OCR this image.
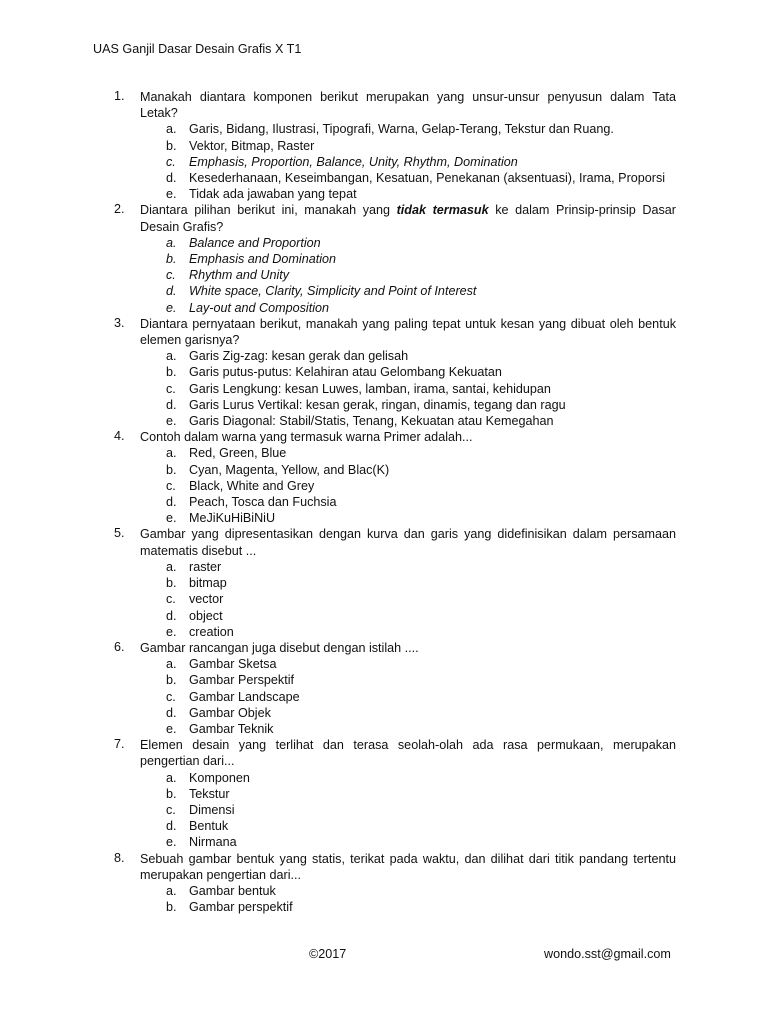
UAS Ganjil Dasar Desain Grafis X T1
1. Manakah diantara komponen berikut merupakan yang unsur-unsur penyusun dalam Tata Letak?
a. Garis, Bidang, Ilustrasi, Tipografi, Warna, Gelap-Terang, Tekstur dan Ruang.
b. Vektor, Bitmap, Raster
c. Emphasis, Proportion, Balance, Unity, Rhythm, Domination
d. Kesederhanaan, Keseimbangan, Kesatuan, Penekanan (aksentuasi), Irama, Proporsi
e. Tidak ada jawaban yang tepat
2. Diantara pilihan berikut ini, manakah yang tidak termasuk ke dalam Prinsip-prinsip Dasar Desain Grafis?
a. Balance and Proportion
b. Emphasis and Domination
c. Rhythm and Unity
d. White space, Clarity, Simplicity and Point of Interest
e. Lay-out and Composition
3. Diantara pernyataan berikut, manakah yang paling tepat untuk kesan yang dibuat oleh bentuk elemen garisnya?
a. Garis Zig-zag: kesan gerak dan gelisah
b. Garis putus-putus: Kelahiran atau Gelombang Kekuatan
c. Garis Lengkung: kesan Luwes, lamban, irama, santai, kehidupan
d. Garis Lurus Vertikal: kesan gerak, ringan, dinamis, tegang dan ragu
e. Garis Diagonal: Stabil/Statis, Tenang, Kekuatan atau Kemegahan
4. Contoh dalam warna yang termasuk warna Primer adalah...
a. Red, Green, Blue
b. Cyan, Magenta, Yellow, and Blac(K)
c. Black, White and Grey
d. Peach, Tosca dan Fuchsia
e. MeJiKuHiBiNiU
5. Gambar yang dipresentasikan dengan kurva dan garis yang didefinisikan dalam persamaan matematis disebut ...
a. raster
b. bitmap
c. vector
d. object
e. creation
6. Gambar rancangan juga disebut dengan istilah ....
a. Gambar Sketsa
b. Gambar Perspektif
c. Gambar Landscape
d. Gambar Objek
e. Gambar Teknik
7. Elemen desain yang terlihat dan terasa seolah-olah ada rasa permukaan, merupakan pengertian dari...
a. Komponen
b. Tekstur
c. Dimensi
d. Bentuk
e. Nirmana
8. Sebuah gambar bentuk yang statis, terikat pada waktu, dan dilihat dari titik pandang tertentu merupakan pengertian dari...
a. Gambar bentuk
b. Gambar perspektif
©2017	wondo.sst@gmail.com
